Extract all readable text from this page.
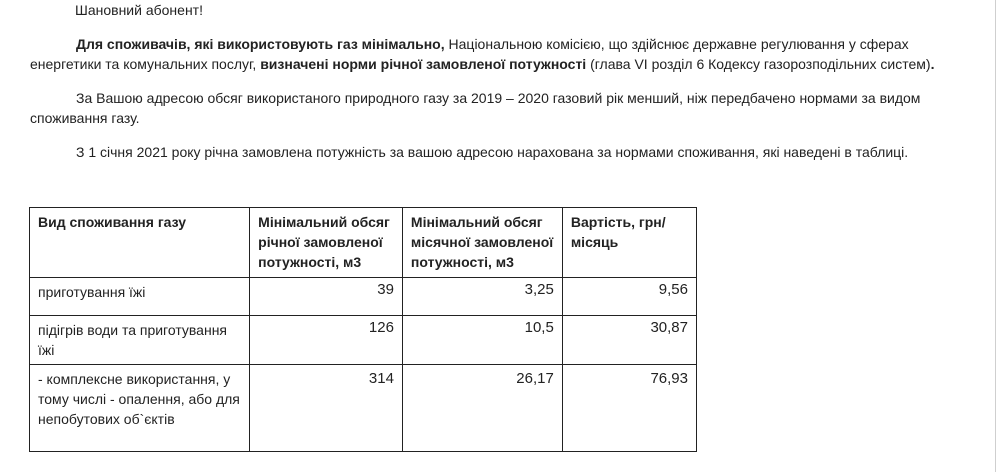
Шановний абонент!

Для споживачів, які використовують газ мінімально, Національною комісією, що здійснює державне регулювання у сферах енергетики та комунальних послуг, визначені норми річної замовленої потужності (глава VI розділ 6 Кодексу газорозподільних систем).

За Вашою адресою обсяг використаного природного газу за 2019 – 2020 газовий рік менший, ніж передбачено нормами за видом споживання газу.

З 1 січня 2021 року річна замовлена потужність за вашою адресою нарахована за нормами споживання, які наведені в таблиці.

Вид споживання газу	Мінімальний обсяг річної замовленої потужності, м3	Мінімальний обсяг місячної замовленої потужності, м3	Вартість, грн/ місяць
приготування їжі	39	3,25	9,56
підігрів води та приготування їжі	126	10,5	30,87
- комплексне використання, у тому числі - опалення, або для непобутових об`єктів	314	26,17	76,93
